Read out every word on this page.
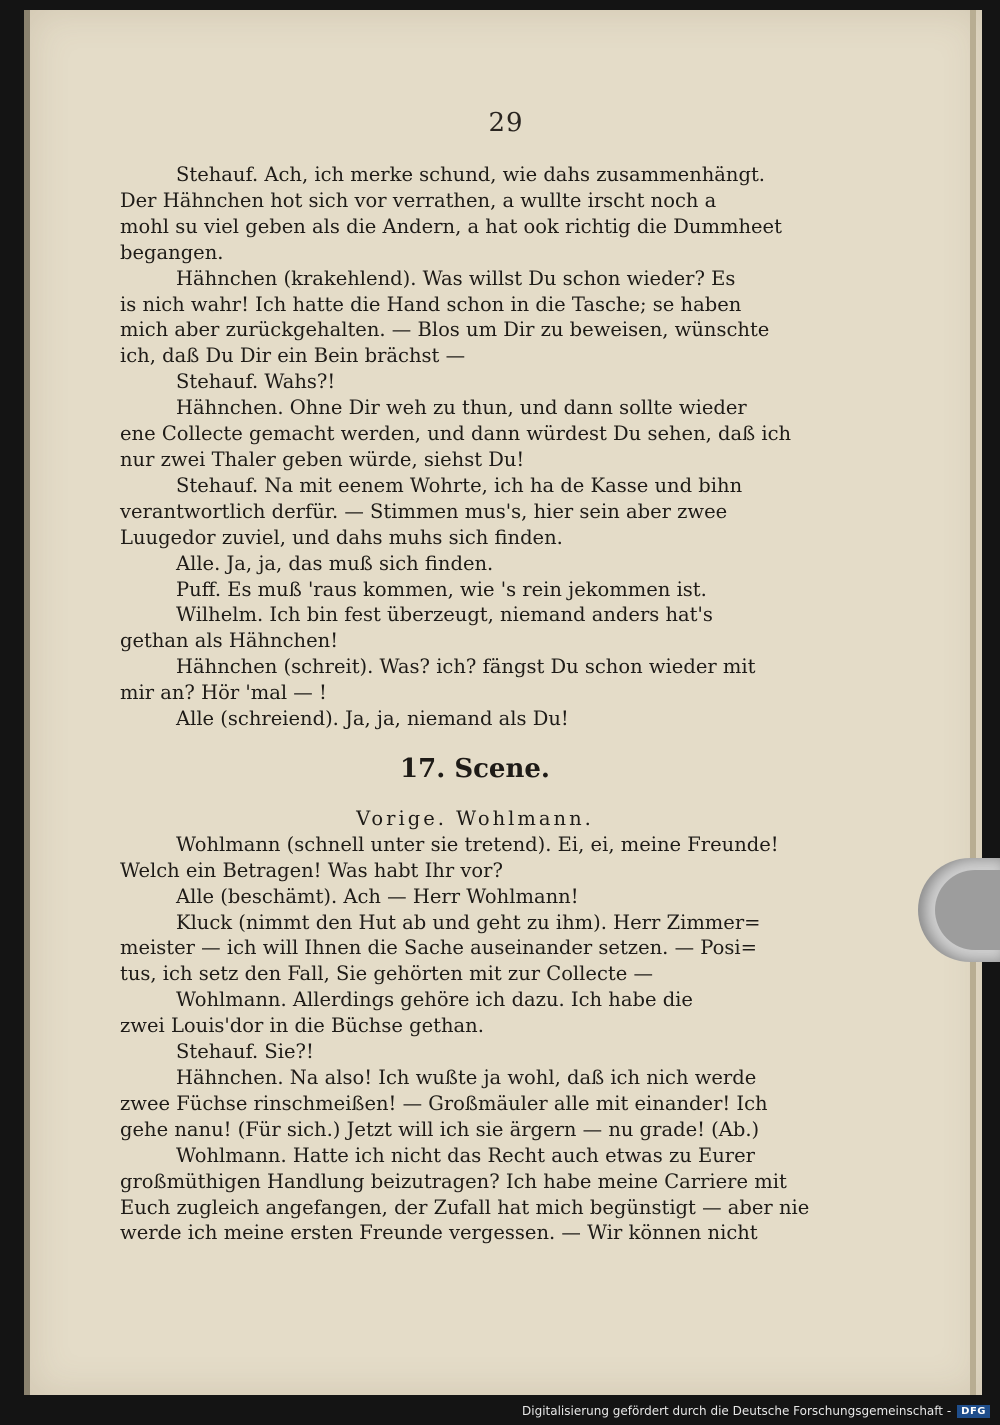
29

Stehauf. Ach, ich merke schund, wie dahs zusammenhängt.

Der Hähnchen hot sich vor verrathen, a wullte irscht noch a

mohl su viel geben als die Andern, a hat ook richtig die Dummheet

begangen.

Hähnchen (krakehlend). Was willst Du schon wieder? Es

is nich wahr! Ich hatte die Hand schon in die Tasche; se haben

mich aber zurückgehalten. — Blos um Dir zu beweisen, wünschte

ich, daß Du Dir ein Bein brächst —

Stehauf. Wahs?!

Hähnchen. Ohne Dir weh zu thun, und dann sollte wieder

ene Collecte gemacht werden, und dann würdest Du sehen, daß ich

nur zwei Thaler geben würde, siehst Du!

Stehauf. Na mit eenem Wohrte, ich ha de Kasse und bihn

verantwortlich derfür. — Stimmen mus's, hier sein aber zwee

Luugedor zuviel, und dahs muhs sich finden.

Alle. Ja, ja, das muß sich finden.

Puff. Es muß 'raus kommen, wie 's rein jekommen ist.

Wilhelm. Ich bin fest überzeugt, niemand anders hat's

gethan als Hähnchen!

Hähnchen (schreit). Was? ich? fängst Du schon wieder mit

mir an? Hör 'mal — !

Alle (schreiend). Ja, ja, niemand als Du!

17. Scene.

Vorige. Wohlmann.

Wohlmann (schnell unter sie tretend). Ei, ei, meine Freunde!

Welch ein Betragen! Was habt Ihr vor?

Alle (beschämt). Ach — Herr Wohlmann!

Kluck (nimmt den Hut ab und geht zu ihm). Herr Zimmer=

meister — ich will Ihnen die Sache auseinander setzen. — Posi=

tus, ich setz den Fall, Sie gehörten mit zur Collecte —

Wohlmann. Allerdings gehöre ich dazu. Ich habe die

zwei Louis'dor in die Büchse gethan.

Stehauf. Sie?!

Hähnchen. Na also! Ich wußte ja wohl, daß ich nich werde

zwee Füchse rinschmeißen! — Großmäuler alle mit einander! Ich

gehe nanu! (Für sich.) Jetzt will ich sie ärgern — nu grade! (Ab.)

Wohlmann. Hatte ich nicht das Recht auch etwas zu Eurer

großmüthigen Handlung beizutragen? Ich habe meine Carriere mit

Euch zugleich angefangen, der Zufall hat mich begünstigt — aber nie

werde ich meine ersten Freunde vergessen. — Wir können nicht

Digitalisierung gefördert durch die Deutsche Forschungsgemeinschaft -	DFG
